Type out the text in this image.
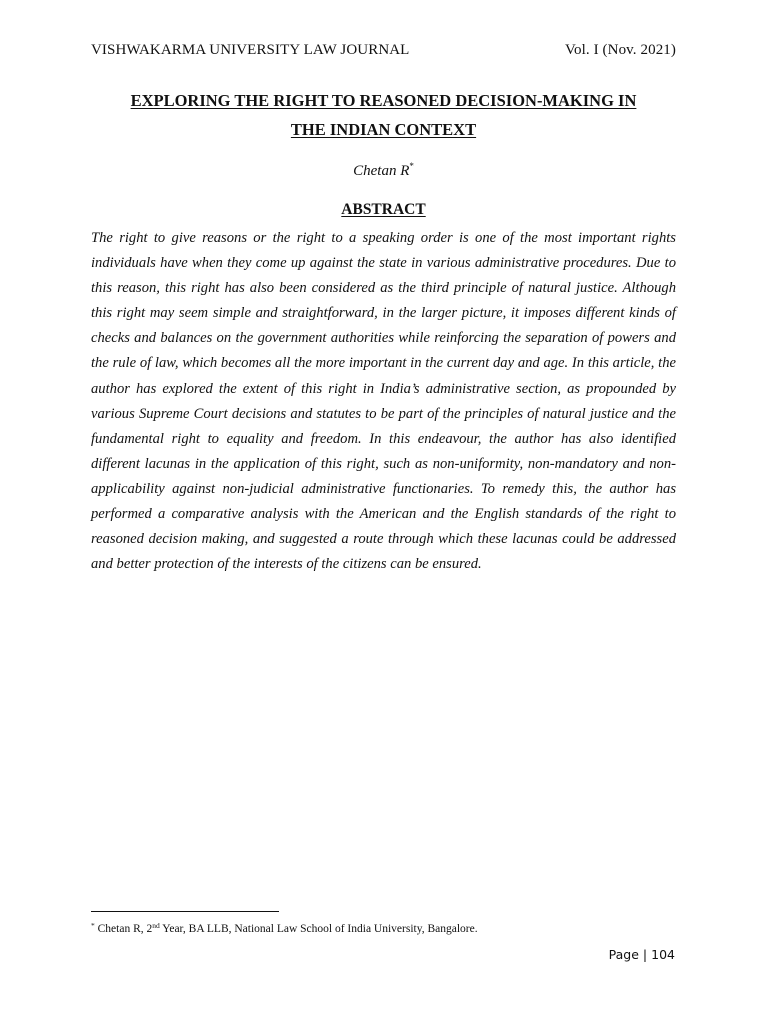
VISHWAKARMA UNIVERSITY LAW JOURNAL	Vol. I (Nov. 2021)
EXPLORING THE RIGHT TO REASONED DECISION-MAKING IN
THE INDIAN CONTEXT
Chetan R*
ABSTRACT

The right to give reasons or the right to a speaking order is one of the most important rights individuals have when they come up against the state in various administrative procedures. Due to this reason, this right has also been considered as the third principle of natural justice. Although this right may seem simple and straightforward, in the larger picture, it imposes different kinds of checks and balances on the government authorities while reinforcing the separation of powers and the rule of law, which becomes all the more important in the current day and age. In this article, the author has explored the extent of this right in India’s administrative section, as propounded by various Supreme Court decisions and statutes to be part of the principles of natural justice and the fundamental right to equality and freedom. In this endeavour, the author has also identified different lacunas in the application of this right, such as non-uniformity, non-mandatory and non-applicability against non-judicial administrative functionaries. To remedy this, the author has performed a comparative analysis with the American and the English standards of the right to reasoned decision making, and suggested a route through which these lacunas could be addressed and better protection of the interests of the citizens can be ensured.

* Chetan R, 2nd Year, BA LLB, National Law School of India University, Bangalore.
Page | 104
